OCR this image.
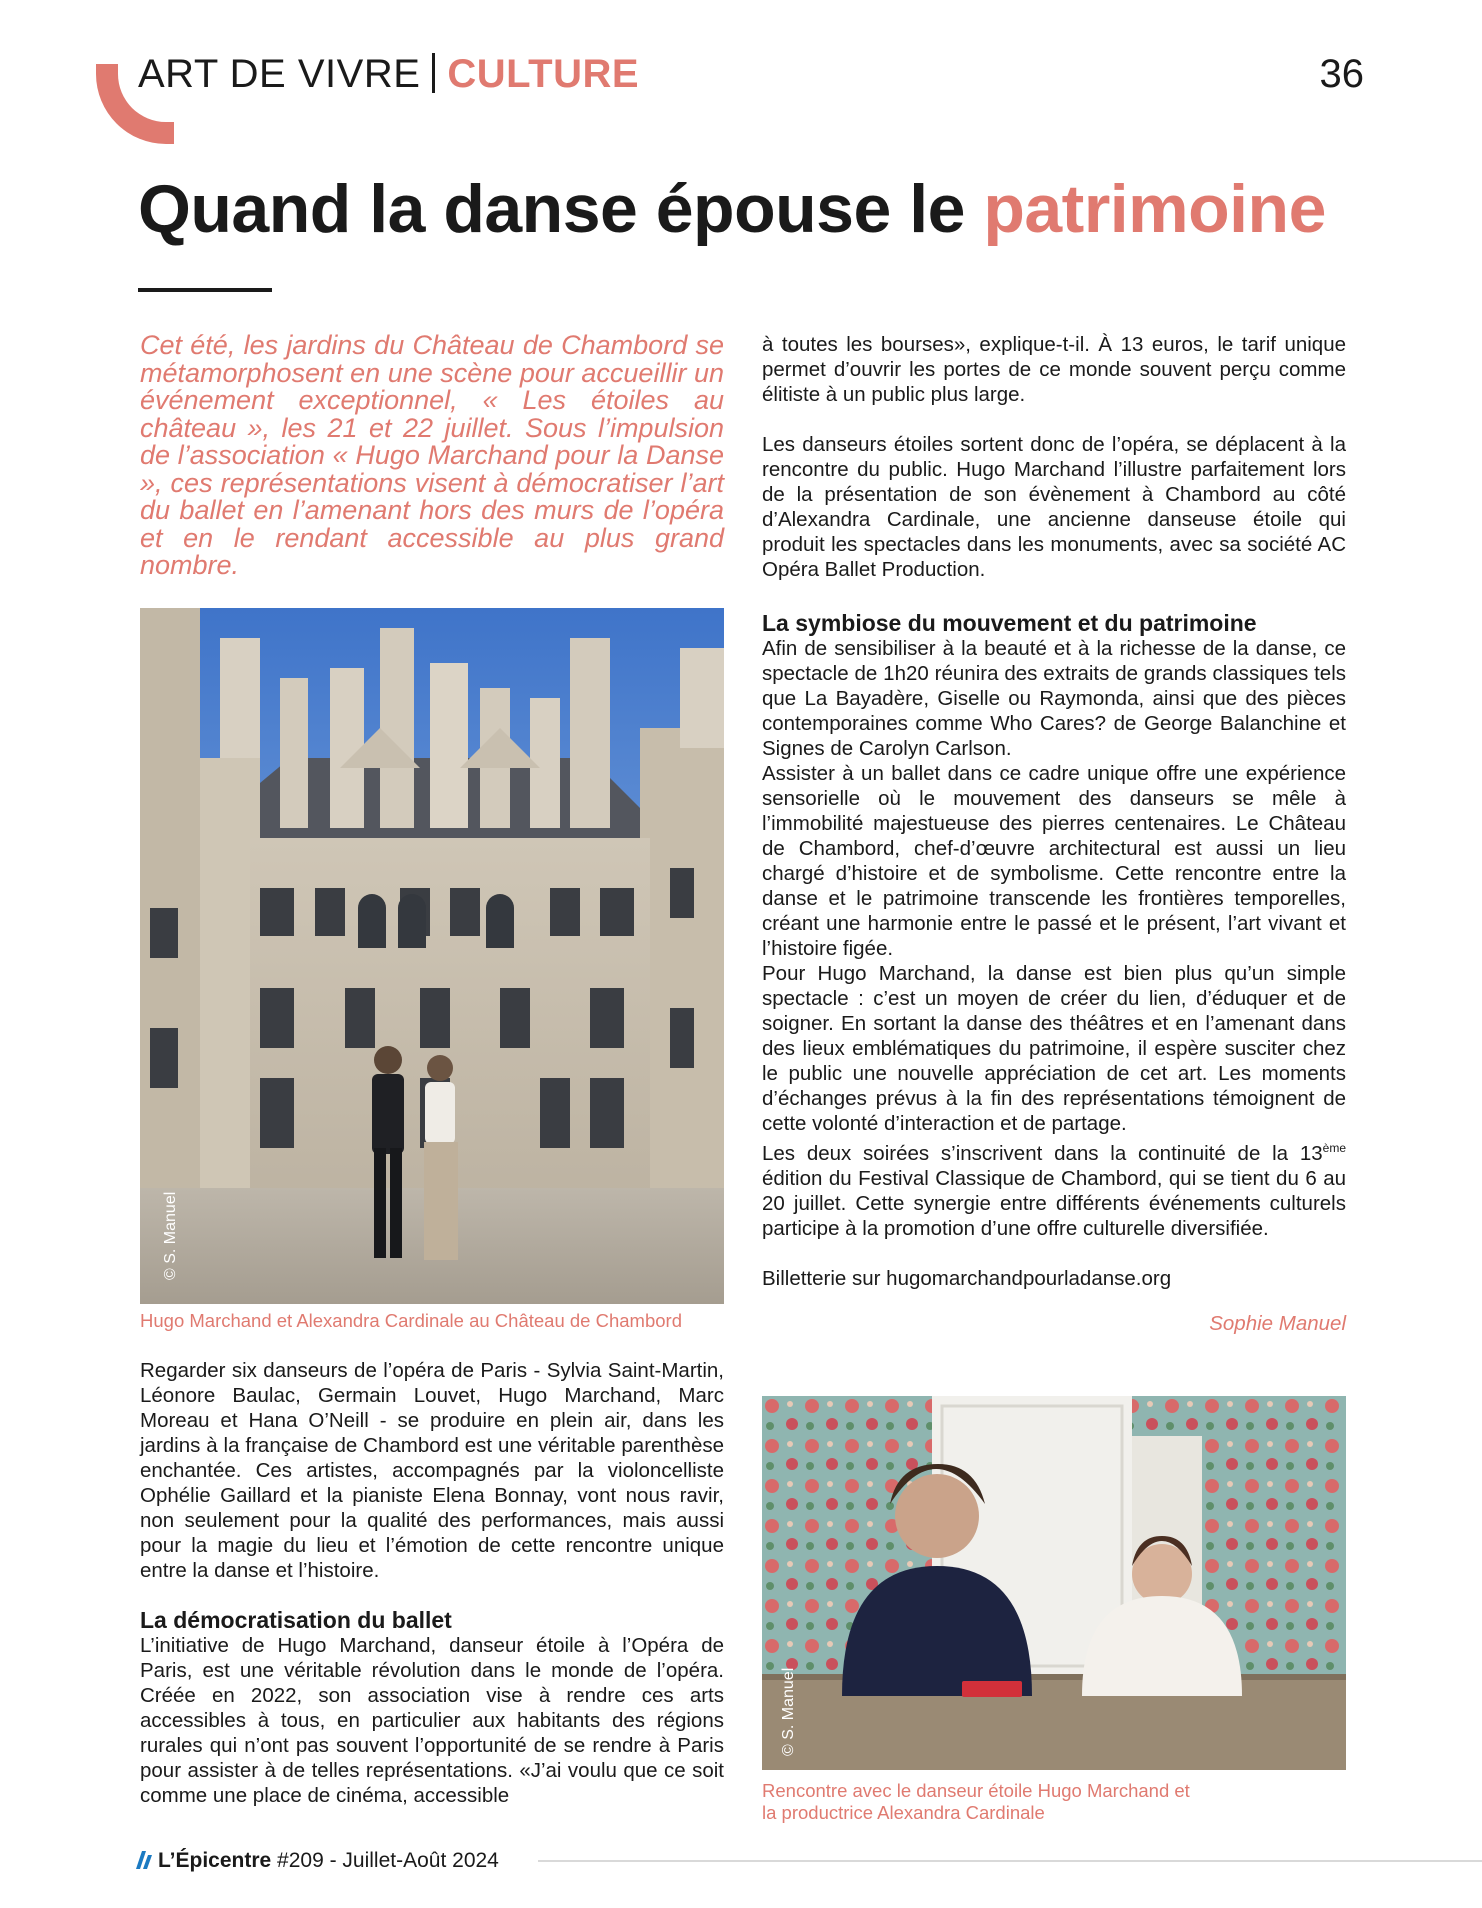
ART DE VIVRE CULTURE	36
Quand la danse épouse le patrimoine

Cet été, les jardins du Château de Chambord se métamorphosent en une scène pour accueillir un événement exceptionnel, « Les étoiles au château », les 21 et 22 juillet. Sous l’impulsion de l’association « Hugo Marchand pour la Danse », ces représentations visent à démocratiser l’art du ballet en l’amenant hors des murs de l’opéra et en le rendant accessible au plus grand nombre.

© S. Manuel

Hugo Marchand et Alexandra Cardinale au Château de Chambord

Regarder six danseurs de l’opéra de Paris - Sylvia Saint-Martin, Léonore Baulac, Germain Louvet, Hugo Marchand, Marc Moreau et Hana O’Neill - se produire en plein air, dans les jardins à la française de Chambord est une véritable parenthèse enchantée. Ces artistes, accompagnés par la violoncelliste Ophélie Gaillard et la pianiste Elena Bonnay, vont nous ravir, non seulement pour la qualité des performances, mais aussi pour la magie du lieu et l’émotion de cette rencontre unique entre la danse et l’histoire.

La démocratisation du ballet

L’initiative de Hugo Marchand, danseur étoile à l’Opéra de Paris, est une véritable révolution dans le monde de l’opéra. Créée en 2022, son association vise à rendre ces arts accessibles à tous, en particulier aux habitants des régions rurales qui n’ont pas souvent l’opportunité de se rendre à Paris pour assister à de telles représentations. «J’ai voulu que ce soit comme une place de cinéma, accessible

à toutes les bourses», explique-t-il. À 13 euros, le tarif unique permet d’ouvrir les portes de ce monde souvent perçu comme élitiste à un public plus large.

Les danseurs étoiles sortent donc de l’opéra, se déplacent à la rencontre du public. Hugo Marchand l’illustre parfaitement lors de la présentation de son évènement à Chambord au côté d’Alexandra Cardinale, une ancienne danseuse étoile qui produit les spectacles dans les monuments, avec sa société AC Opéra Ballet Production.

La symbiose du mouvement et du patrimoine

Afin de sensibiliser à la beauté et à la richesse de la danse, ce spectacle de 1h20 réunira des extraits de grands classiques tels que La Bayadère, Giselle ou Raymonda, ainsi que des pièces contemporaines comme Who Cares? de George Balanchine et Signes de Carolyn Carlson.

Assister à un ballet dans ce cadre unique offre une expérience sensorielle où le mouvement des danseurs se mêle à l’immobilité majestueuse des pierres centenaires. Le Château de Chambord, chef-d’œuvre architectural est aussi un lieu chargé d’histoire et de symbolisme. Cette rencontre entre la danse et le patrimoine transcende les frontières temporelles, créant une harmonie entre le passé et le présent, l’art vivant et l’histoire figée.

Pour Hugo Marchand, la danse est bien plus qu’un simple spectacle : c’est un moyen de créer du lien, d’éduquer et de soigner. En sortant la danse des théâtres et en l’amenant dans des lieux emblématiques du patrimoine, il espère susciter chez le public une nouvelle appréciation de cet art. Les moments d’échanges prévus à la fin des représentations témoignent de cette volonté d’interaction et de partage.

Les deux soirées s’inscrivent dans la continuité de la 13ème édition du Festival Classique de Chambord, qui se tient du 6 au 20 juillet. Cette synergie entre différents événements culturels participe à la promotion d’une offre culturelle diversifiée.

Billetterie sur hugomarchandpourladanse.org

Sophie Manuel

© S. Manuel
Rencontre avec le danseur étoile Hugo Marchand et
la productrice Alexandra Cardinale
L’Épicentre #209 - Juillet-Août 2024
